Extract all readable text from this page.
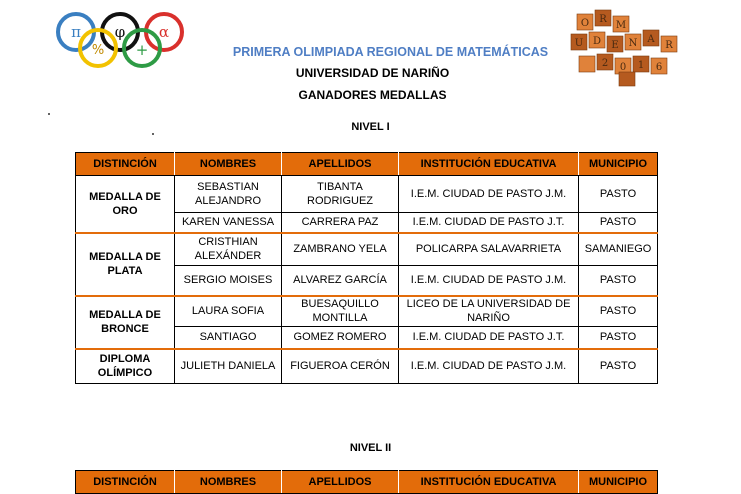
π φ α
% +
O R
M
U D E N A
R
2 0 1 6
PRIMERA OLIMPIADA REGIONAL DE MATEMÁTICAS
UNIVERSIDAD DE NARIÑO
GANADORES MEDALLAS
NIVEL I
DISTINCIÓN	NOMBRES	APELLIDOS	INSTITUCIÓN EDUCATIVA	MUNICIPIO
MEDALLA DE ORO	SEBASTIAN ALEJANDRO	TIBANTA RODRIGUEZ	I.E.M. CIUDAD DE PASTO J.M.	PASTO
	KAREN VANESSA	CARRERA PAZ	I.E.M. CIUDAD DE PASTO J.T.	PASTO
MEDALLA DE PLATA	CRISTHIAN ALEXÁNDER	ZAMBRANO YELA	POLICARPA SALAVARRIETA	SAMANIEGO
	SERGIO MOISES	ALVAREZ GARCÍA	I.E.M. CIUDAD DE PASTO J.M.	PASTO
MEDALLA DE BRONCE	LAURA SOFIA	BUESAQUILLO MONTILLA	LICEO DE LA UNIVERSIDAD DE NARIÑO	PASTO
	SANTIAGO	GOMEZ ROMERO	I.E.M. CIUDAD DE PASTO J.T.	PASTO
DIPLOMA OLÍMPICO	JULIETH DANIELA	FIGUEROA CERÓN	I.E.M. CIUDAD DE PASTO J.M.	PASTO
NIVEL II
DISTINCIÓN	NOMBRES	APELLIDOS	INSTITUCIÓN EDUCATIVA	MUNICIPIO
